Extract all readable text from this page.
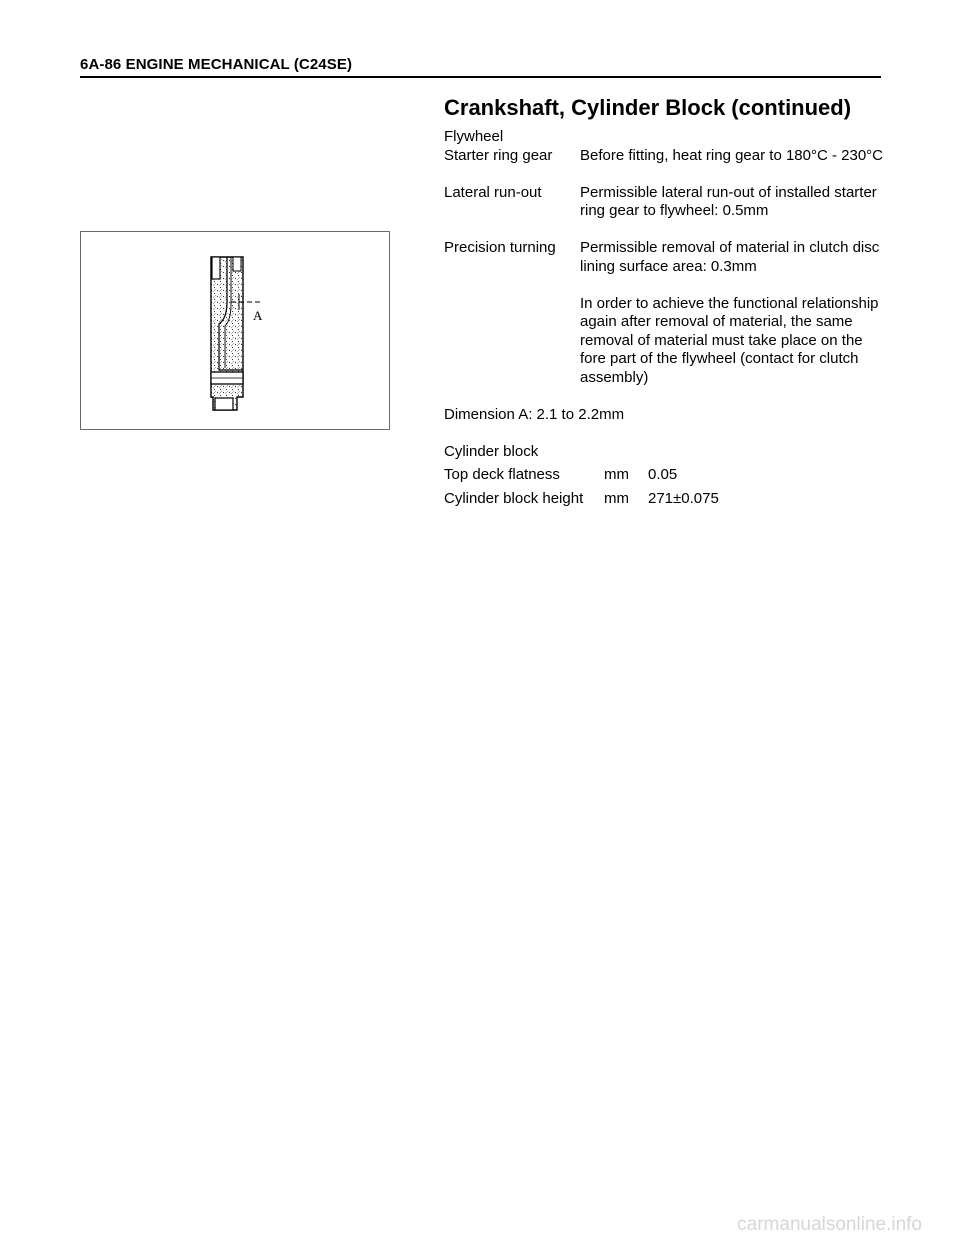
6A-86 ENGINE MECHANICAL (C24SE)
A
Crankshaft, Cylinder Block (continued)
Flywheel
Starter ring gear	Before fitting, heat ring gear to 180°C - 230°C
Lateral run-out	Permissible lateral run-out of installed starter ring gear to flywheel: 0.5mm
Precision turning	Permissible removal of material in clutch disc lining surface area: 0.3mm
In order to achieve the functional relationship again after removal of material, the same removal of material must take place on the fore part of the flywheel (contact for clutch assembly)
Dimension A: 2.1 to 2.2mm
Cylinder block
Top deck flatness	mm	0.05
Cylinder block height	mm	271±0.075
carmanualsonline.info
